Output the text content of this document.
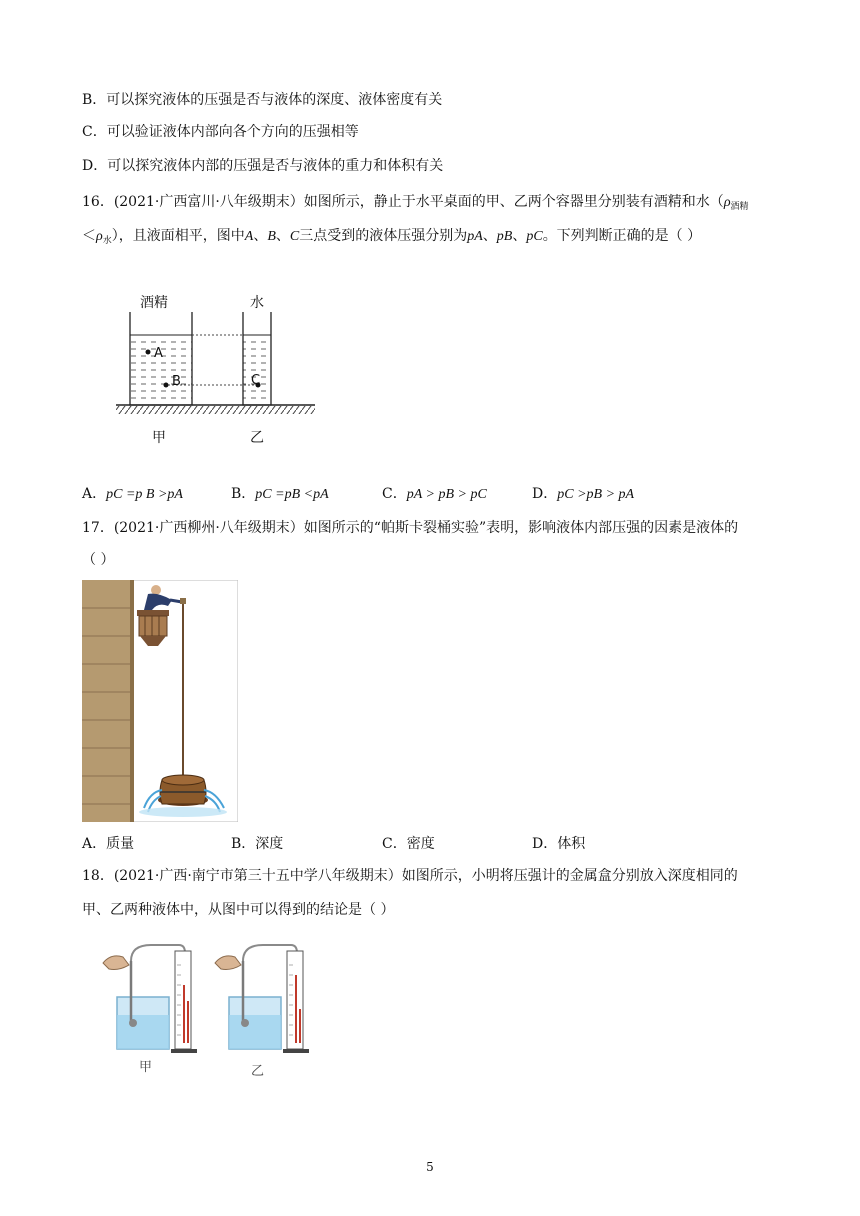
B．可以探究液体的压强是否与液体的深度、液体密度有关
C．可以验证液体内部向各个方向的压强相等
D．可以探究液体内部的压强是否与液体的重力和体积有关
16．(2021·广西富川·八年级期末）如图所示，静止于水平桌面的甲、乙两个容器里分别装有酒精和水（$\rho_{酒精}$
$<\rho_水$），且液面相平，图中A、B、C三点受到的液体压强分别为pA、pB、pC。下列判断正确的是（ ）
酒精	水
A
B	C
甲	乙
A．pC =p B >pA	B．pC =pB <pA	C．pA > pB > pC	D．pC >pB > pA
17．(2021·广西柳州·八年级期末）如图所示的“帕斯卡裂桶实验”表明，影响液体内部压强的因素是液体的
（ ）
A．质量	B．深度	C．密度	D．体积
18．(2021·广西·南宁市第三十五中学八年级期末）如图所示，小明将压强计的金属盒分别放入深度相同的
甲、乙两种液体中，从图中可以得到的结论是（ ）
甲	乙
5
